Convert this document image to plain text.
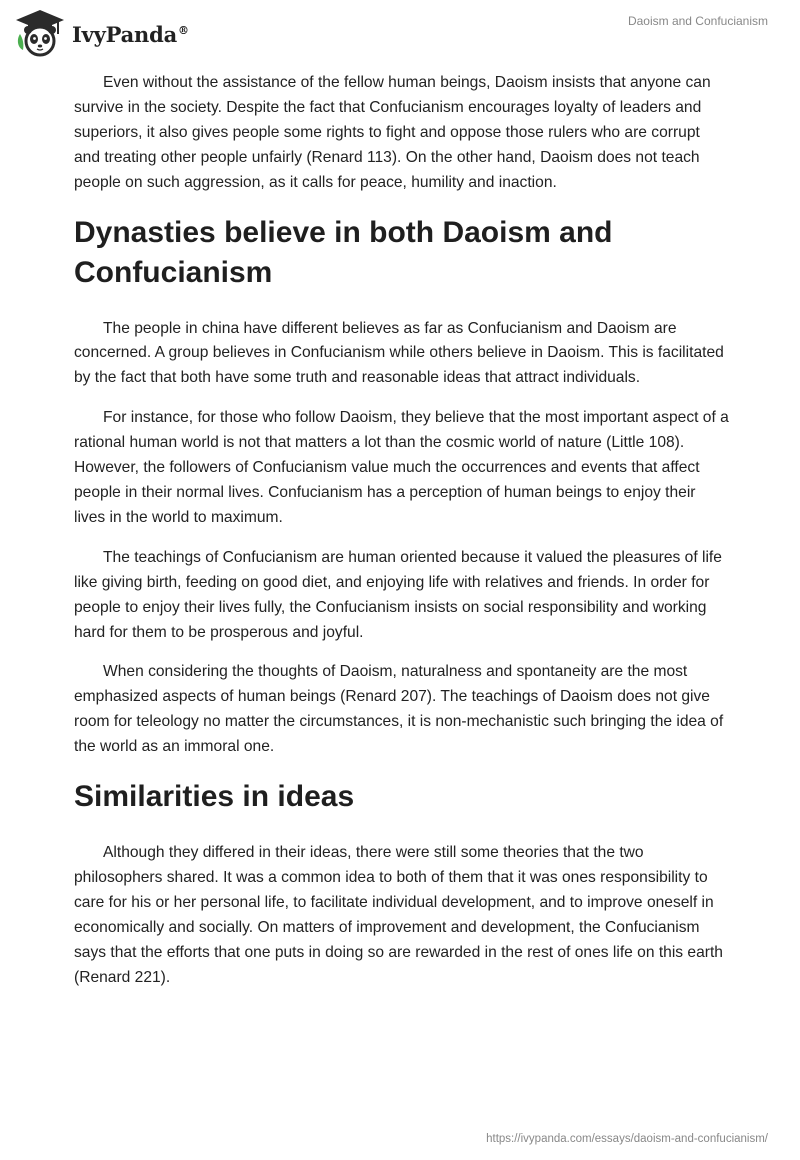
IvyPanda®
Daoism and Confucianism

Even without the assistance of the fellow human beings, Daoism insists that anyone can survive in the society. Despite the fact that Confucianism encourages loyalty of leaders and superiors, it also gives people some rights to fight and oppose those rulers who are corrupt and treating other people unfairly (Renard 113). On the other hand, Daoism does not teach people on such aggression, as it calls for peace, humility and inaction.

Dynasties believe in both Daoism and Confucianism

The people in china have different believes as far as Confucianism and Daoism are concerned. A group believes in Confucianism while others believe in Daoism. This is facilitated by the fact that both have some truth and reasonable ideas that attract individuals.

For instance, for those who follow Daoism, they believe that the most important aspect of a rational human world is not that matters a lot than the cosmic world of nature (Little 108). However, the followers of Confucianism value much the occurrences and events that affect people in their normal lives. Confucianism has a perception of human beings to enjoy their lives in the world to maximum.

The teachings of Confucianism are human oriented because it valued the pleasures of life like giving birth, feeding on good diet, and enjoying life with relatives and friends. In order for people to enjoy their lives fully, the Confucianism insists on social responsibility and working hard for them to be prosperous and joyful.

When considering the thoughts of Daoism, naturalness and spontaneity are the most emphasized aspects of human beings (Renard 207). The teachings of Daoism does not give room for teleology no matter the circumstances, it is non-mechanistic such bringing the idea of the world as an immoral one.

Similarities in ideas

Although they differed in their ideas, there were still some theories that the two philosophers shared. It was a common idea to both of them that it was ones responsibility to care for his or her personal life, to facilitate individual development, and to improve oneself in economically and socially. On matters of improvement and development, the Confucianism says that the efforts that one puts in doing so are rewarded in the rest of ones life on this earth (Renard 221).

https://ivypanda.com/essays/daoism-and-confucianism/
